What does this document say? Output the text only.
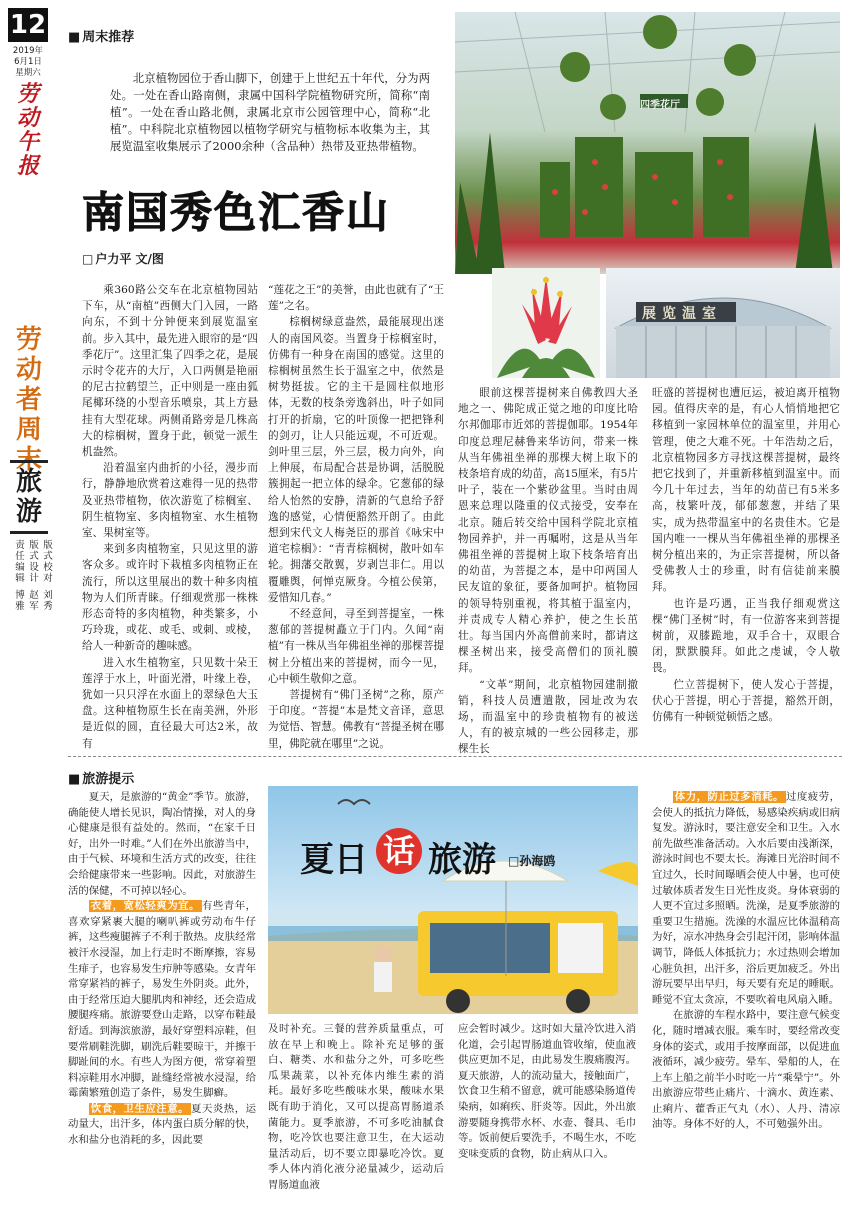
12
2019年
6月1日
星期六
劳动午报
劳动者周末
旅游
责任编辑
博雅
版式设计
赵军
版式校对
刘秀
■ 周末推荐
北京植物园位于香山脚下，创建于上世纪五十年代，分为两处。一处在香山路南侧，隶属中国科学院植物研究所，简称“南植”。一处在香山路北侧，隶属北京市公园管理中心，简称“北植”。中科院北京植物园以植物学研究与植物标本收集为主，其展览温室收集展示了2000余种（含品种）热带及亚热带植物。
南国秀色汇香山
□ 户力平 文/图
展览温室
四季花厅

乘360路公交车在北京植物园站下车，从“南植”西侧大门入园，一路向东，不到十分钟便来到展览温室前。步入其中，最先进入眼帘的是“四季花厅”。这里汇集了四季之花，是展示时令花卉的大厅，入口两侧是艳丽的尼古拉鹤望兰，正中则是一座由狐尾椰环绕的小型音乐喷泉，其上方悬挂有大型花球。两侧甬路旁是几株高大的棕榈树，置身于此，顿觉一派生机盎然。

沿着温室内曲折的小径，漫步而行，静静地欣赏着这难得一见的热带及亚热带植物，依次游览了棕榈室、阴生植物室、多肉植物室、水生植物室、果树室等。

来到多肉植物室，只见这里的游客众多。或许时下栽植多肉植物正在流行，所以这里展出的数十种多肉植物为人们所青睐。仔细观赏那一株株形态奇特的多肉植物，种类繁多，小巧玲珑，或花、或毛、或刺、或棱，给人一种新奇的趣味感。

进入水生植物室，只见数十朵王莲浮于水上，叶面光滑，叶缘上卷，犹如一只只浮在水面上的翠绿色大玉盘。这种植物原生长在南美洲，外形是近似的圆，直径最大可达2米，故有

“莲花之王”的美誉，由此也就有了“王莲”之名。

棕榈树绿意盎然，最能展现出迷人的南国风姿。当置身于棕榈室时，仿佛有一种身在南国的感觉。这里的棕榈树虽然生长于温室之中，依然是树势挺拔。它的主干是圆柱似地形体，无数的枝条旁逸斜出，叶子如同打开的折扇，它的叶顶像一把把锋利的剑刃，让人只能远观，不可近观。剑叶里三层，外三层，极力向外，向上伸展，布局配合甚是协调，活脱脱簇拥起一把立体的绿伞。它葱郁的绿给人怡然的安静，清新的气息给予舒逸的感觉，心情便豁然开朗了。由此想到宋代文人梅尧臣的那首《咏宋中道宅棕榈》：“青青棕榈树，散叶如车轮。拥藩交散翼，岁剥岂非仁。用以覆雕舆，何惮克厥身。今植公侯第，爱惜知几春。”

不经意间，寻至到菩提室，一株葱郁的菩提树矗立于门内。久闻“南植”有一株从当年佛祖坐禅的那棵菩提树上分植出来的菩提树，而今一见，心中顿生敬仰之意。

菩提树有“佛门圣树”之称，原产于印度。“菩提”本是梵文音译，意思为觉悟、智慧。佛教有“菩提圣树在哪里，佛陀就在哪里”之说。

眼前这棵菩提树来自佛教四大圣地之一、佛陀成正觉之地的印度比哈尔邦伽耶市近郊的菩提伽耶。1954年印度总理尼赫鲁来华访问，带来一株从当年佛祖坐禅的那棵大树上取下的枝条培育成的幼苗，高15厘米，有5片叶子，装在一个紫砂盆里。当时由周恩来总理以隆重的仪式接受，安奉在北京。随后转交给中国科学院北京植物园养护，并一再嘱咐，这是从当年佛祖坐禅的菩提树上取下枝条培育出的幼苗，为菩提之本，是中印两国人民友谊的象征，要备加呵护。植物园的领导特别重视，将其植于温室内，并责成专人精心养护，使之生长茁壮。每当国内外高僧前来时，都请这棵圣树出来，接受高僧们的顶礼膜拜。

“文革”期间，北京植物园建制撤销，科技人员遭遣散，园址改为农场，而温室中的珍贵植物有的被送人，有的被京城的一些公园移走，那棵生长

旺盛的菩提树也遭厄运，被迫离开植物园。值得庆幸的是，有心人悄悄地把它移植到一家园林单位的温室里，并用心管理，使之大难不死。十年浩劫之后，北京植物园多方寻找这棵菩提树，最终把它找到了，并重新移植到温室中。而今几十年过去，当年的幼苗已有5米多高，枝繁叶茂，郁郁葱葱，并结了果实，成为热带温室中的名贵佳木。它是国内唯一一棵从当年佛祖坐禅的那棵圣树分植出来的，为正宗菩提树，所以备受佛教人士的珍重，时有信徒前来膜拜。

也许是巧遇，正当我仔细观赏这棵“佛门圣树”时，有一位游客来到菩提树前，双膝跪地，双手合十，双眼合闭，默默膜拜。如此之虔诚，令人敬畏。

伫立菩提树下，使人发心于菩提，伏心于菩提，明心于菩提，豁然开朗，仿佛有一种顿觉顿悟之感。

■ 旅游提示

夏天，是旅游的“黄金”季节。旅游，确能使人增长见识，陶冶情操，对人的身心健康是很有益处的。然而，“在家千日好，出外一时难。”人们在外出旅游当中，由于气候、环境和生活方式的改变，往往会给健康带来一些影响。因此，对旅游生活的保健，不可掉以轻心。

衣着，宽松轻爽为宜。 有些青年，喜欢穿紧裹大腿的喇叭裤或劳动布牛仔裤，这些瘦腿裤子不利于散热。皮肤经常被汗水浸湿，加上行走时不断摩擦，容易生痱子，也容易发生疖肿等感染。女青年常穿紧裆的裤子，易发生外阴炎。此外，由于经常压迫大腿肌肉和神经，还会造成腰腿疼痛。旅游要登山走路，以穿布鞋最舒适。到海滨旅游，最好穿塑料凉鞋，但要常刷鞋洗脚，刷洗后鞋要晾干，并擦干脚趾间的水。有些人为图方便，常穿着塑料凉鞋用水冲脚，趾缝经常被水浸湿，给霉菌繁殖创造了条件，易发生脚癣。

饮食，卫生应注意。 夏天炎热，运动量大，出汗多，体内蛋白质分解的快，水和盐分也消耗的多，因此要

夏日 话 旅游 □孙海鸥

及时补充。三餐的营养质量重点，可放在早上和晚上。除补充足够的蛋白、糖类、水和盐分之外，可多吃些瓜果蔬菜，以补充体内维生素的消耗。最好多吃些酸味水果，酸味水果既有助于消化，又可以提高胃肠道杀菌能力。夏季旅游，不可多吃油腻食物，吃冷饮也要注意卫生，在大运动量活动后，切不要立即暴吃冷饮。夏季人体内消化液分泌量减少，运动后胃肠道血液

应会暂时减少。这时如大量冷饮进入消化道，会引起胃肠道血管收缩，使血液供应更加不足，由此易发生腹痛腹泻。夏天旅游，人的流动量大，接触面广，饮食卫生稍不留意，就可能感染肠道传染病，如痢疾、肝炎等。因此，外出旅游要随身携带水杯、水壶、餐具、毛巾等。饭前便后要洗手，不喝生水，不吃变味变质的食物，防止病从口入。

体力，防止过多消耗。 过度疲劳，会使人的抵抗力降低，易感染疾病或旧病复发。游泳时，要注意安全和卫生。入水前先做些准备活动。入水后要由浅渐深，游泳时间也不要太长。海滩日光浴时间不宜过久，长时间曝晒会使人中暑，也可使过敏体质者发生日光性皮炎。身体衰弱的人更不宜过多照晒。洗澡，是夏季旅游的重要卫生措施。洗澡的水温应比体温稍高为好，凉水冲热身会引起汗闭，影响体温调节，降低人体抵抗力；水过热则会增加心脏负担，出汗多，浴后更加疲乏。外出游玩要早出早归，每天要有充足的睡眠。睡觉不宜太贪凉，不要吹着电风扇入睡。

在旅游的车程水路中，要注意气候变化，随时增减衣服。乘车时，要经常改变身体的姿式，或用手按摩面部，以促进血液循环，减少疲劳。晕车、晕船的人，在上车上船之前半小时吃一片“乘晕宁”。外出旅游应带些止痛片、十滴水、黄连素、止痢片、藿香正气丸（水）、人丹、清凉油等。身体不好的人，不可勉强外出。
